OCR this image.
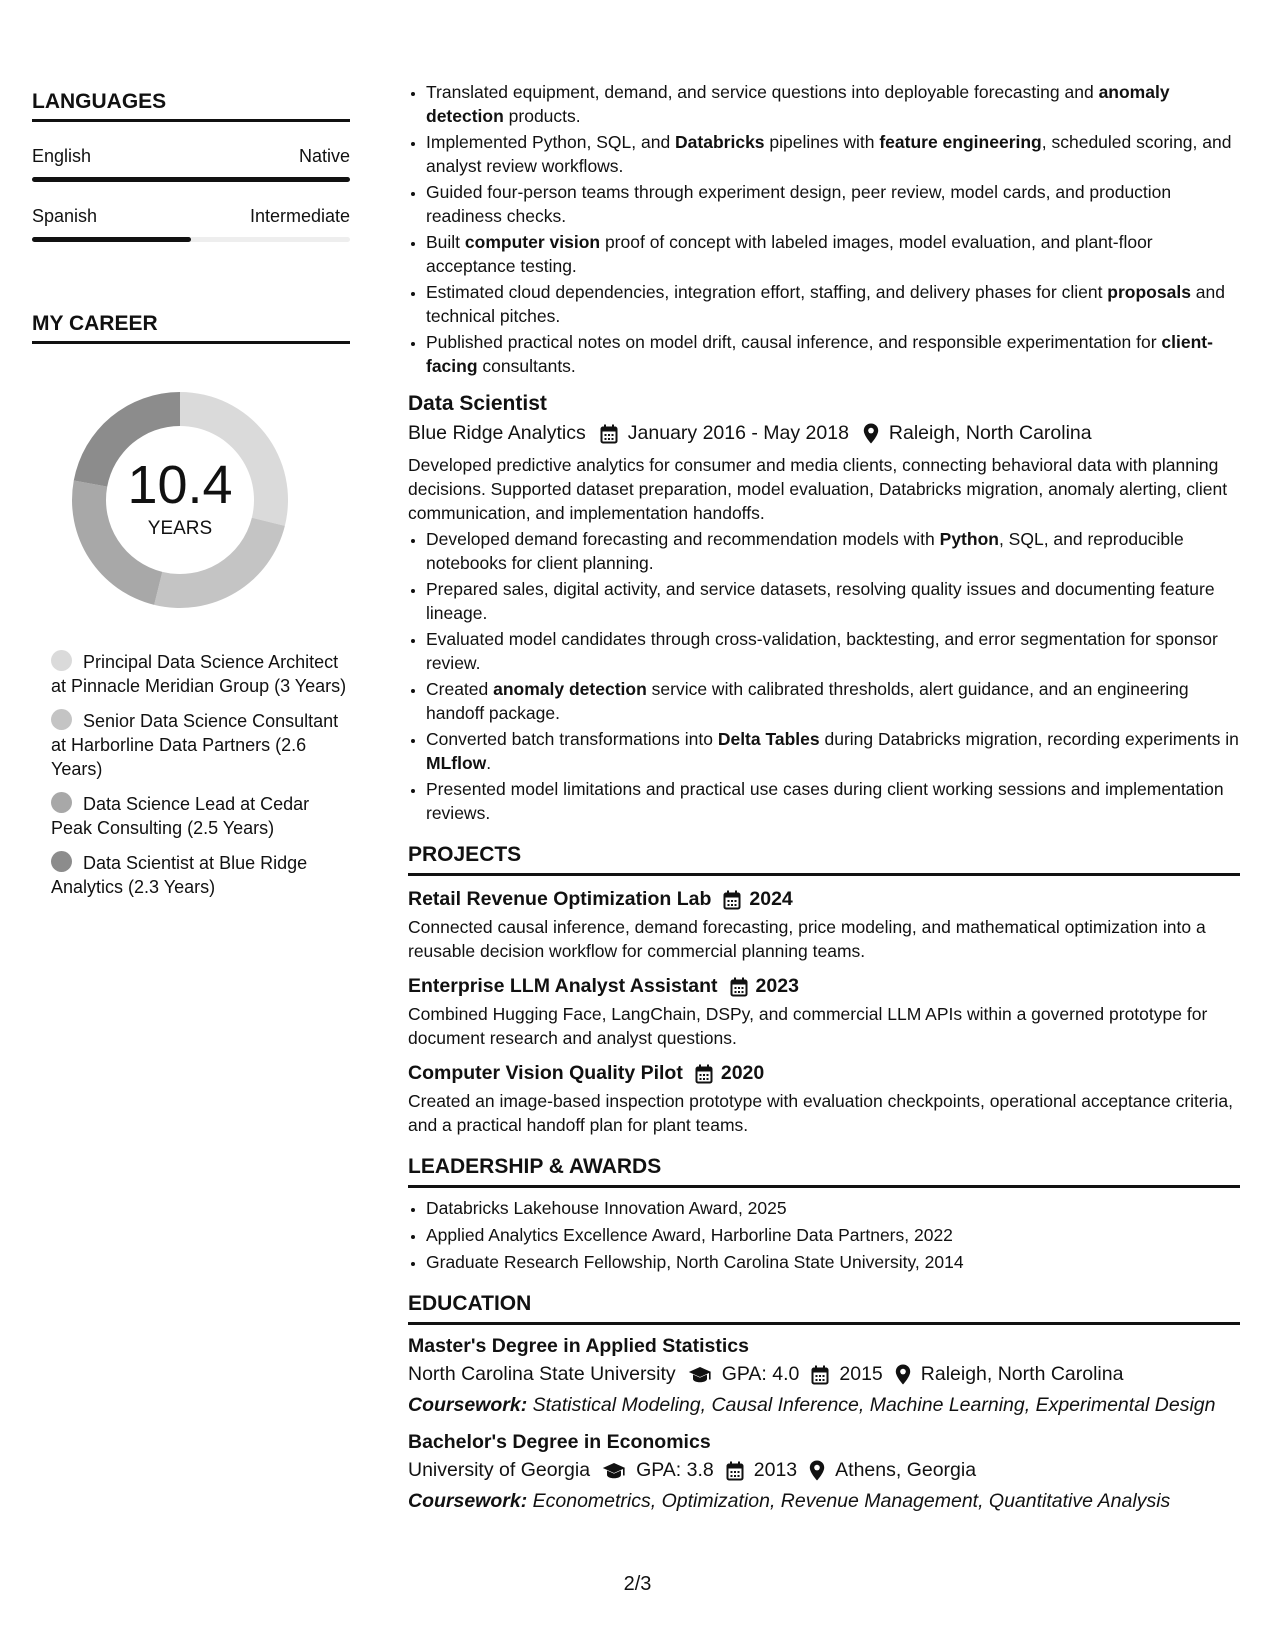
LANGUAGES
English	Native
Spanish	Intermediate
MY CAREER
10.4
YEARS
Principal Data Science Architect at Pinnacle Meridian Group (3 Years)
Senior Data Science Consultant at Harborline Data Partners (2.6 Years)
Data Science Lead at Cedar Peak Consulting (2.5 Years)
Data Scientist at Blue Ridge Analytics (2.3 Years)
• Translated equipment, demand, and service questions into deployable forecasting and anomaly detection products.
• Implemented Python, SQL, and Databricks pipelines with feature engineering, scheduled scoring, and analyst review workflows.
• Guided four-person teams through experiment design, peer review, model cards, and production readiness checks.
• Built computer vision proof of concept with labeled images, model evaluation, and plant-floor acceptance testing.
• Estimated cloud dependencies, integration effort, staffing, and delivery phases for client proposals and technical pitches.
• Published practical notes on model drift, causal inference, and responsible experimentation for client-facing consultants.
Data Scientist
Blue Ridge Analytics January 2016 - May 2018 Raleigh, North Carolina
Developed predictive analytics for consumer and media clients, connecting behavioral data with planning decisions. Supported dataset preparation, model evaluation, Databricks migration, anomaly alerting, client communication, and implementation handoffs.
• Developed demand forecasting and recommendation models with Python, SQL, and reproducible notebooks for client planning.
• Prepared sales, digital activity, and service datasets, resolving quality issues and documenting feature lineage.
• Evaluated model candidates through cross-validation, backtesting, and error segmentation for sponsor review.
• Created anomaly detection service with calibrated thresholds, alert guidance, and an engineering handoff package.
• Converted batch transformations into Delta Tables during Databricks migration, recording experiments in MLflow.
• Presented model limitations and practical use cases during client working sessions and implementation reviews.
PROJECTS
Retail Revenue Optimization Lab 2024
Connected causal inference, demand forecasting, price modeling, and mathematical optimization into a reusable decision workflow for commercial planning teams.
Enterprise LLM Analyst Assistant 2023
Combined Hugging Face, LangChain, DSPy, and commercial LLM APIs within a governed prototype for document research and analyst questions.
Computer Vision Quality Pilot 2020
Created an image-based inspection prototype with evaluation checkpoints, operational acceptance criteria, and a practical handoff plan for plant teams.
LEADERSHIP & AWARDS
• Databricks Lakehouse Innovation Award, 2025
• Applied Analytics Excellence Award, Harborline Data Partners, 2022
• Graduate Research Fellowship, North Carolina State University, 2014
EDUCATION
Master's Degree in Applied Statistics
North Carolina State University GPA: 4.0 2015 Raleigh, North Carolina
Coursework: Statistical Modeling, Causal Inference, Machine Learning, Experimental Design
Bachelor's Degree in Economics
University of Georgia GPA: 3.8 2013 Athens, Georgia
Coursework: Econometrics, Optimization, Revenue Management, Quantitative Analysis
2/3
